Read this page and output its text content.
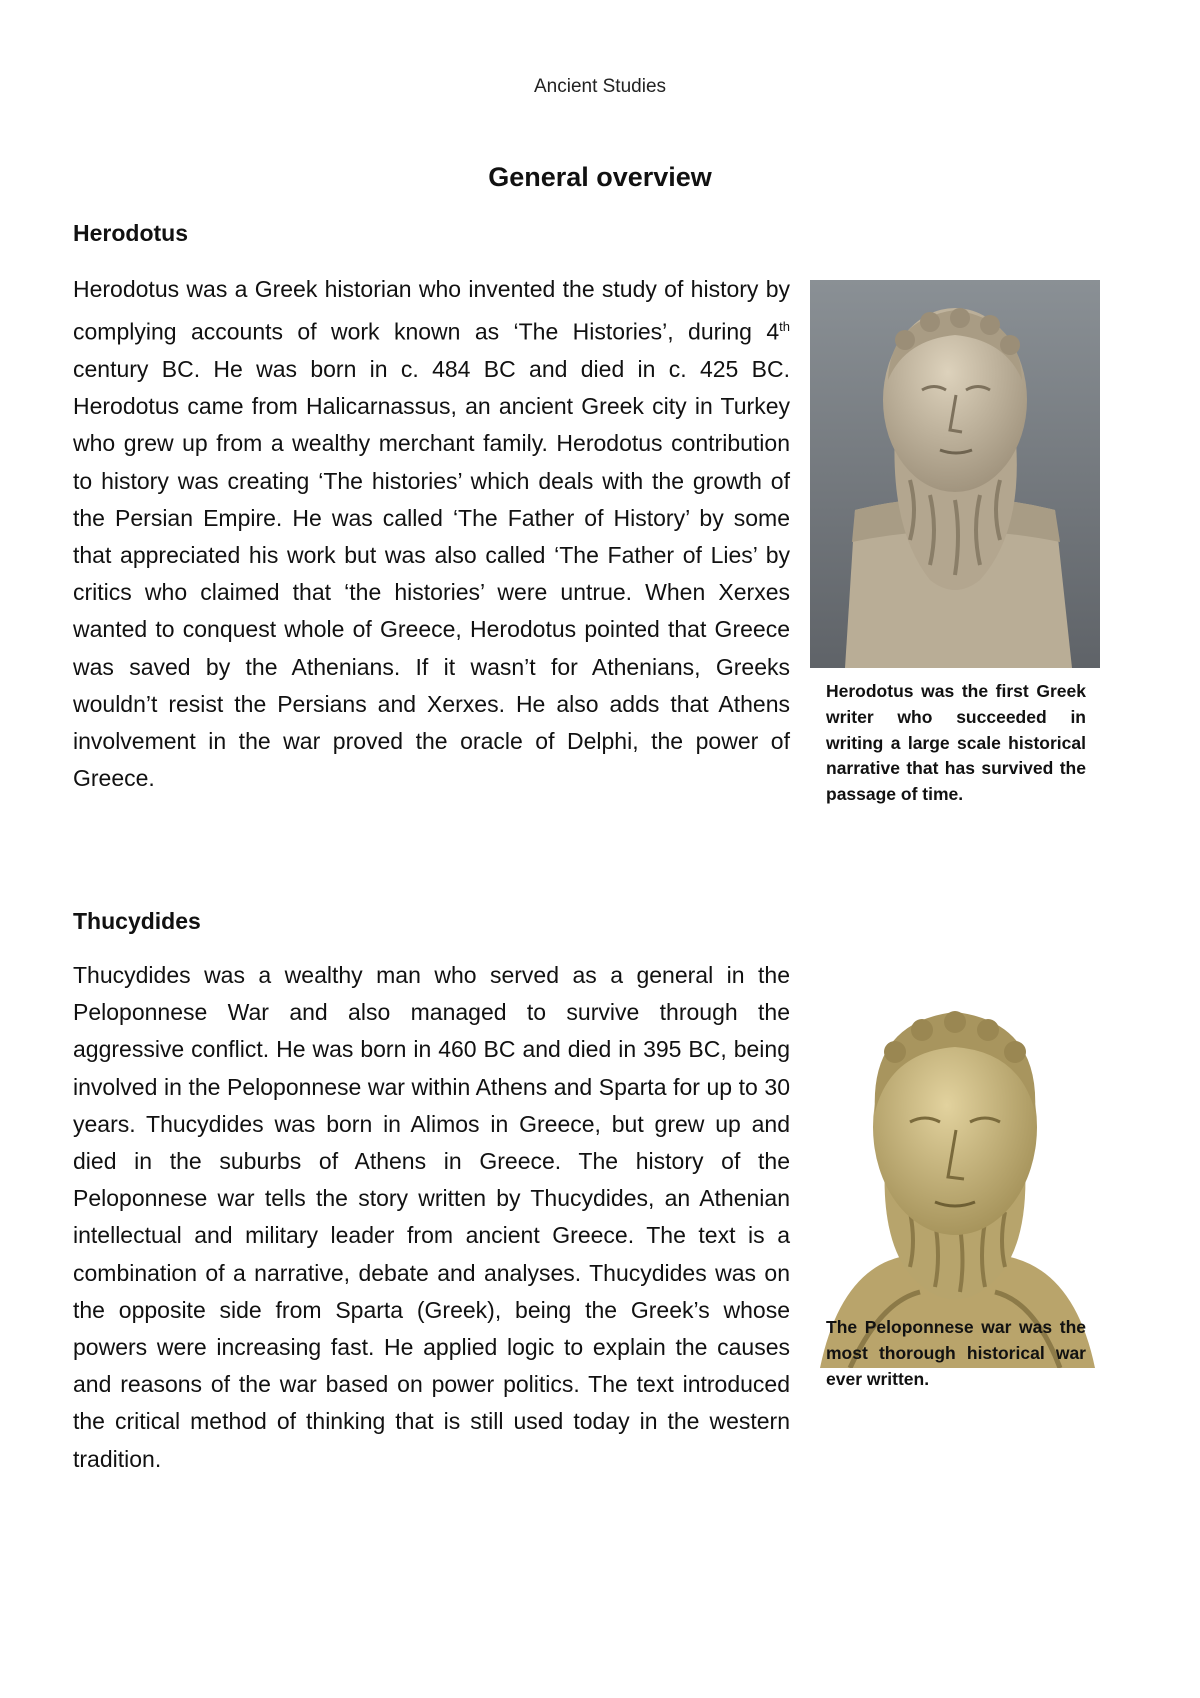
Ancient Studies
General overview
Herodotus
Herodotus was a Greek historian who invented the study of history by complying accounts of work known as ‘The Histories’, during 4th century BC. He was born in c. 484 BC and died in c. 425 BC. Herodotus came from Halicarnassus, an ancient Greek city in Turkey who grew up from a wealthy merchant family. Herodotus contribution to history was creating ‘The histories’ which deals with the growth of the Persian Empire. He was called ‘The Father of History’ by some that appreciated his work but was also called ‘The Father of Lies’ by critics who claimed that ‘the histories’ were untrue. When Xerxes wanted to conquest whole of Greece, Herodotus pointed that Greece was saved by the Athenians. If it wasn’t for Athenians, Greeks wouldn’t resist the Persians and Xerxes. He also adds that Athens involvement in the war proved the oracle of Delphi, the power of Greece.
Herodotus was the first Greek writer who succeeded in writing a large scale historical narrative that has survived the passage of time.
Thucydides
Thucydides was a wealthy man who served as a general in the Peloponnese War and also managed to survive through the aggressive conflict. He was born in 460 BC and died in 395 BC, being involved in the Peloponnese war within Athens and Sparta for up to 30 years. Thucydides was born in Alimos in Greece, but grew up and died in the suburbs of Athens in Greece. The history of the Peloponnese war tells the story written by Thucydides, an Athenian intellectual and military leader from ancient Greece. The text is a combination of a narrative, debate and analyses. Thucydides was on the opposite side from Sparta (Greek), being the Greek’s whose powers were increasing fast. He applied logic to explain the causes and reasons of the war based on power politics. The text introduced the critical method of thinking that is still used today in the western tradition.
The Peloponnese war was the most thorough historical war ever written.
